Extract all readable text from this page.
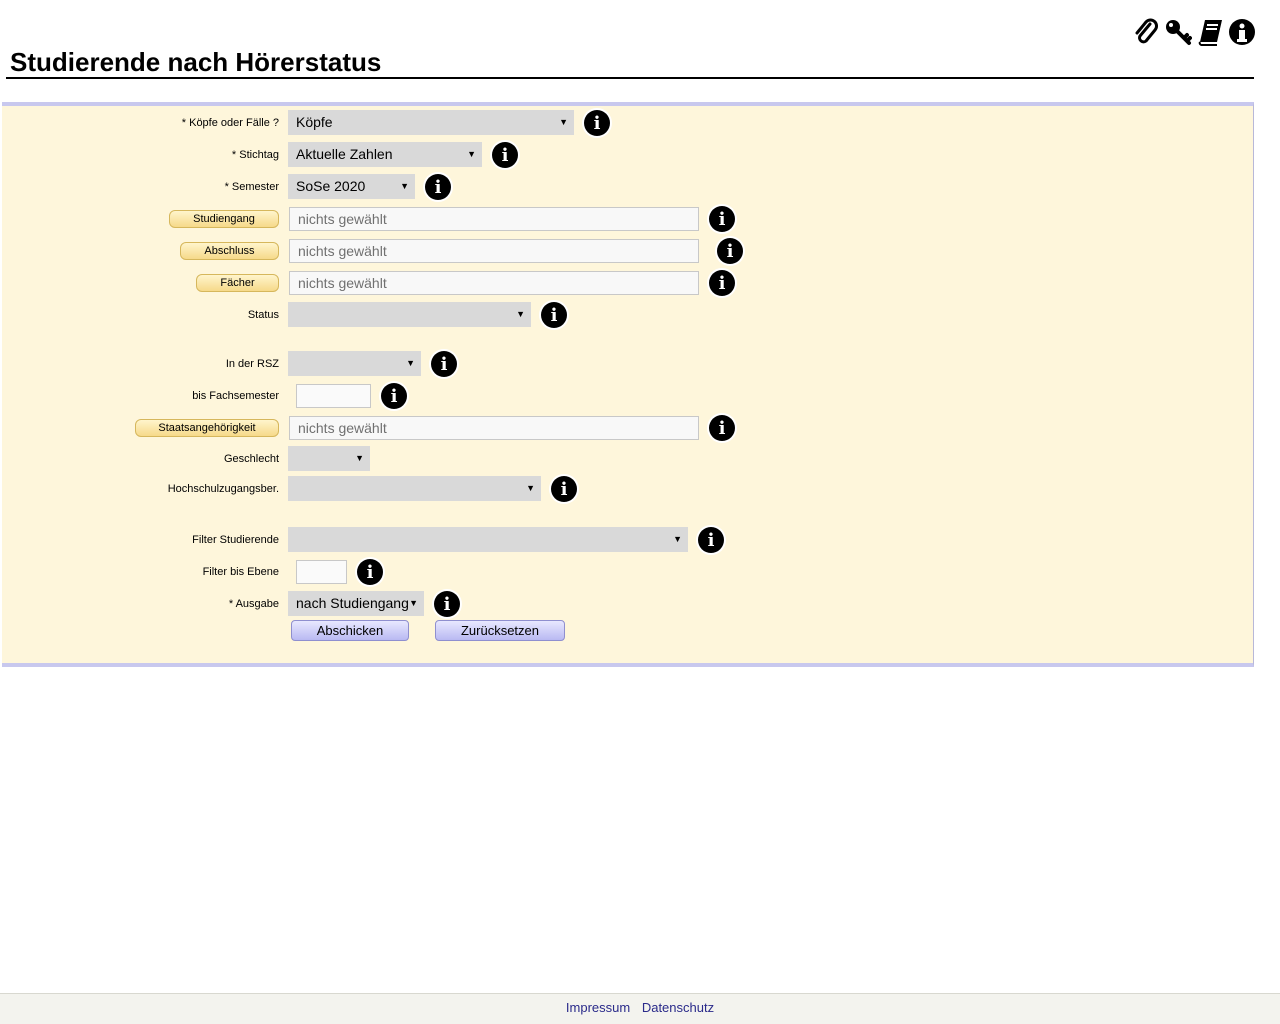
Studierende nach Hörerstatus
* Köpfe oder Fälle ?	Köpfe	▼	i
* Stichtag	Aktuelle Zahlen	▼	i
* Semester	SoSe 2020	▼	i
Studiengang	nichts gewählt	i
Abschluss	nichts gewählt	i
Fächer	nichts gewählt	i
Status	▼	i
In der RSZ	▼	i
bis Fachsemester	i
Staatsangehörigkeit	nichts gewählt	i
Geschlecht	▼
Hochschulzugangsber.	▼	i
Filter Studierende	▼	i
Filter bis Ebene	i
* Ausgabe	nach Studiengang ▼	i
Abschicken	Zurücksetzen
Impressum Datenschutz
